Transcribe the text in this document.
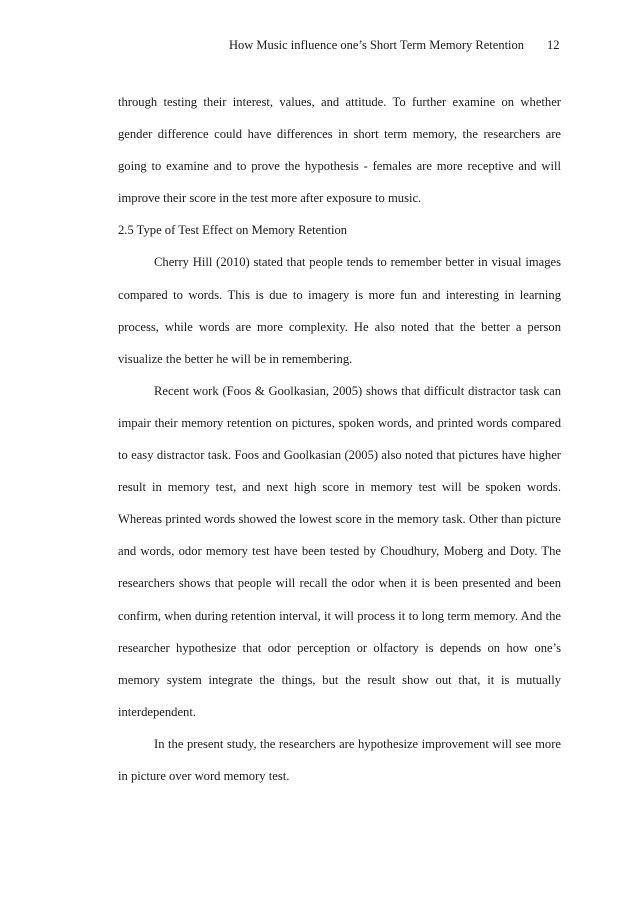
How Music influence one’s Short Term Memory Retention 12

through testing their interest, values, and attitude. To further examine on whether gender difference could have differences in short term memory, the researchers are going to examine and to prove the hypothesis - females are more receptive and will improve their score in the test more after exposure to music.

2.5 Type of Test Effect on Memory Retention

Cherry Hill (2010) stated that people tends to remember better in visual images compared to words. This is due to imagery is more fun and interesting in learning process, while words are more complexity. He also noted that the better a person visualize the better he will be in remembering.

Recent work (Foos & Goolkasian, 2005) shows that difficult distractor task can impair their memory retention on pictures, spoken words, and printed words compared to easy distractor task. Foos and Goolkasian (2005) also noted that pictures have higher result in memory test, and next high score in memory test will be spoken words. Whereas printed words showed the lowest score in the memory task. Other than picture and words, odor memory test have been tested by Choudhury, Moberg and Doty. The researchers shows that people will recall the odor when it is been presented and been confirm, when during retention interval, it will process it to long term memory. And the researcher hypothesize that odor perception or olfactory is depends on how one’s memory system integrate the things, but the result show out that, it is mutually interdependent.

In the present study, the researchers are hypothesize improvement will see more in picture over word memory test.
